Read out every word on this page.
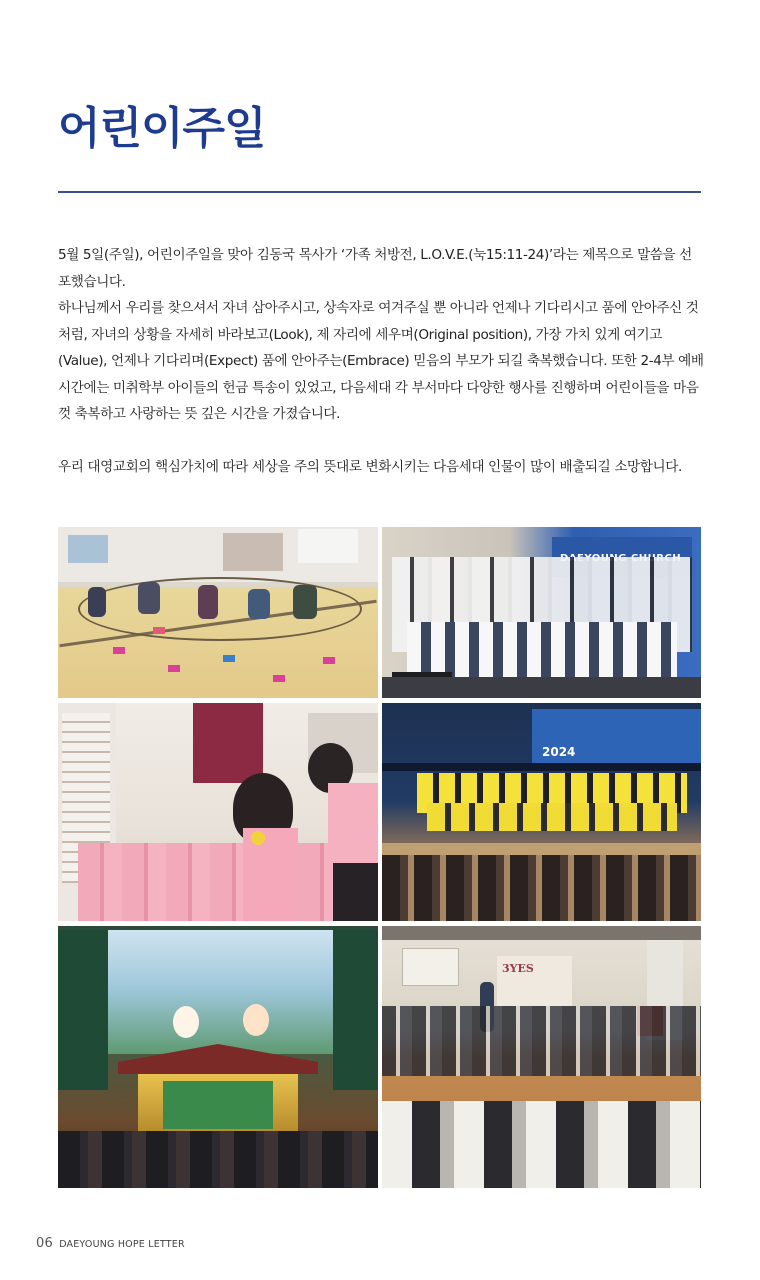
어린이주일

5월 5일(주일), 어린이주일을 맞아 김동국 목사가 ‘가족 처방전, L.O.V.E.(눅15:11-24)’라는 제목으로 말씀을 선포했습니다.

하나님께서 우리를 찾으셔서 자녀 삼아주시고, 상속자로 여겨주실 뿐 아니라 언제나 기다리시고 품에 안아주신 것처럼, 자녀의 상황을 자세히 바라보고(Look), 제 자리에 세우며(Original position), 가장 가치 있게 여기고(Value), 언제나 기다리며(Expect) 품에 안아주는(Embrace) 믿음의 부모가 되길 축복했습니다. 또한 2-4부 예배 시간에는 미취학부 아이들의 헌금 특송이 있었고, 다음세대 각 부서마다 다양한 행사를 진행하며 어린이들을 마음껏 축복하고 사랑하는 뜻 깊은 시간을 가졌습니다.

우리 대영교회의 핵심가치에 따라 세상을 주의 뜻대로 변화시키는 다음세대 인물이 많이 배출되길 소망합니다.

2024
3YES
06 DAEYOUNG HOPE LETTER
